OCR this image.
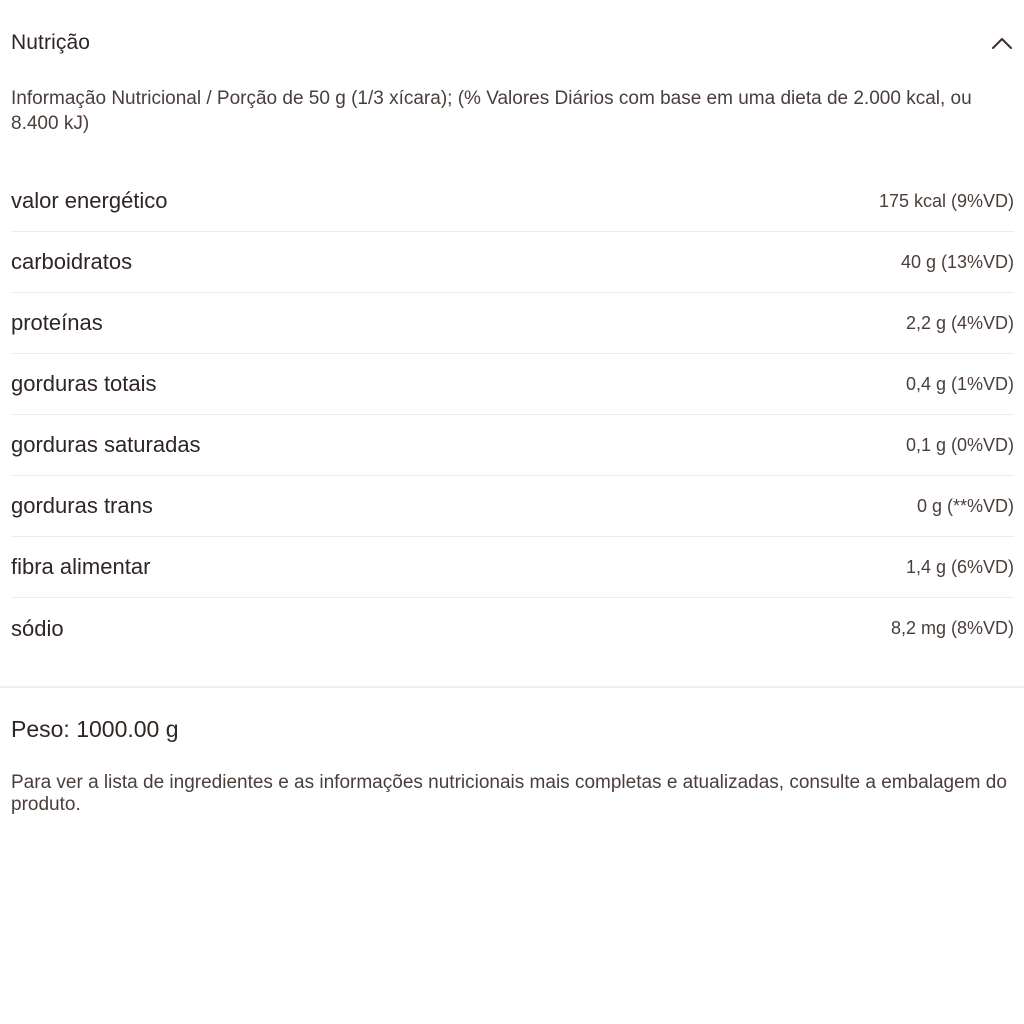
Nutrição

Informação Nutricional / Porção de 50 g (1/3 xícara); (% Valores Diários com base em uma dieta de 2.000 kcal, ou 8.400 kJ)

valor energético	175 kcal (9%VD)
carboidratos	40 g (13%VD)
proteínas	2,2 g (4%VD)
gorduras totais	0,4 g (1%VD)
gorduras saturadas	0,1 g (0%VD)
gorduras trans	0 g (**%VD)
fibra alimentar	1,4 g (6%VD)
sódio	8,2 mg (8%VD)
Peso: 1000.00 g

Para ver a lista de ingredientes e as informações nutricionais mais completas e atualizadas, consulte a embalagem do produto.
